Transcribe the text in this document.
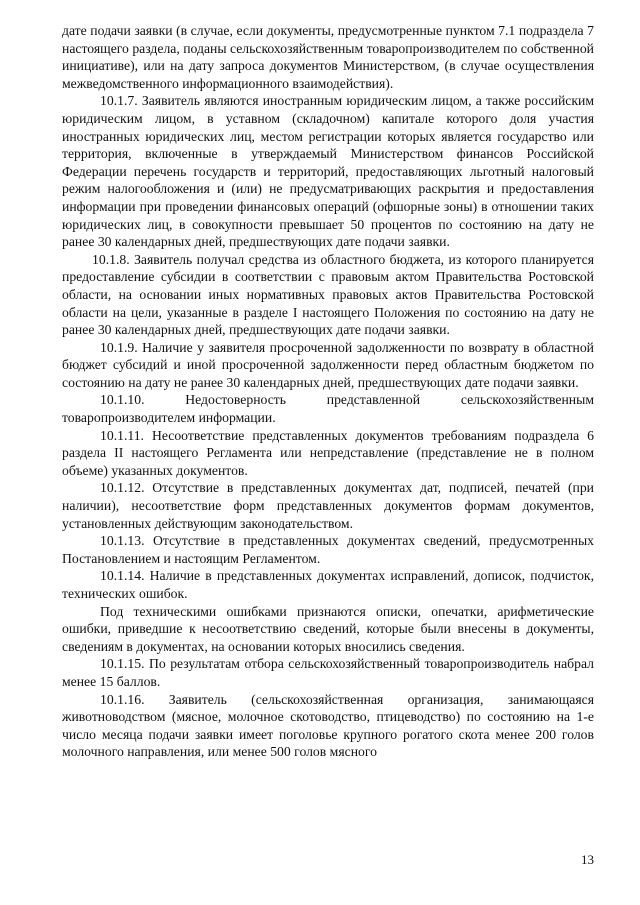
дате подачи заявки (в случае, если документы, предусмотренные пунктом 7.1 подраздела 7 настоящего раздела, поданы сельскохозяйственным товаропроизводителем по собственной инициативе), или на дату запроса документов Министерством, (в случае осуществления межведомственного информационного взаимодействия).

10.1.7. Заявитель являются иностранным юридическим лицом, а также российским юридическим лицом, в уставном (складочном) капитале которого доля участия иностранных юридических лиц, местом регистрации которых является государство или территория, включенные в утверждаемый Министерством финансов Российской Федерации перечень государств и территорий, предоставляющих льготный налоговый режим налогообложения и (или) не предусматривающих раскрытия и предоставления информации при проведении финансовых операций (офшорные зоны) в отношении таких юридических лиц, в совокупности превышает 50 процентов по состоянию на дату не ранее 30 календарных дней, предшествующих дате подачи заявки.

10.1.8. Заявитель получал средства из областного бюджета, из которого планируется предоставление субсидии в соответствии с правовым актом Правительства Ростовской области, на основании иных нормативных правовых актов Правительства Ростовской области на цели, указанные в разделе I настоящего Положения по состоянию на дату не ранее 30 календарных дней, предшествующих дате подачи заявки.

10.1.9. Наличие у заявителя просроченной задолженности по возврату в областной бюджет субсидий и иной просроченной задолженности перед областным бюджетом по состоянию на дату не ранее 30 календарных дней, предшествующих дате подачи заявки.

10.1.10. Недостоверность представленной сельскохозяйственным товаропроизводителем информации.

10.1.11. Несоответствие представленных документов требованиям подраздела 6 раздела II настоящего Регламента или непредставление (представление не в полном объеме) указанных документов.

10.1.12. Отсутствие в представленных документах дат, подписей, печатей (при наличии), несоответствие форм представленных документов формам документов, установленных действующим законодательством.

10.1.13. Отсутствие в представленных документах сведений, предусмотренных Постановлением и настоящим Регламентом.

10.1.14. Наличие в представленных документах исправлений, дописок, подчисток, технических ошибок.

Под техническими ошибками признаются описки, опечатки, арифметические ошибки, приведшие к несоответствию сведений, которые были внесены в документы, сведениям в документах, на основании которых вносились сведения.

10.1.15. По результатам отбора сельскохозяйственный товаропроизводитель набрал менее 15 баллов.

10.1.16. Заявитель (сельскохозяйственная организация, занимающаяся животноводством (мясное, молочное скотоводство, птицеводство) по состоянию на 1-е число месяца подачи заявки имеет поголовье крупного рогатого скота менее 200 голов молочного направления, или менее 500 голов мясного

13
